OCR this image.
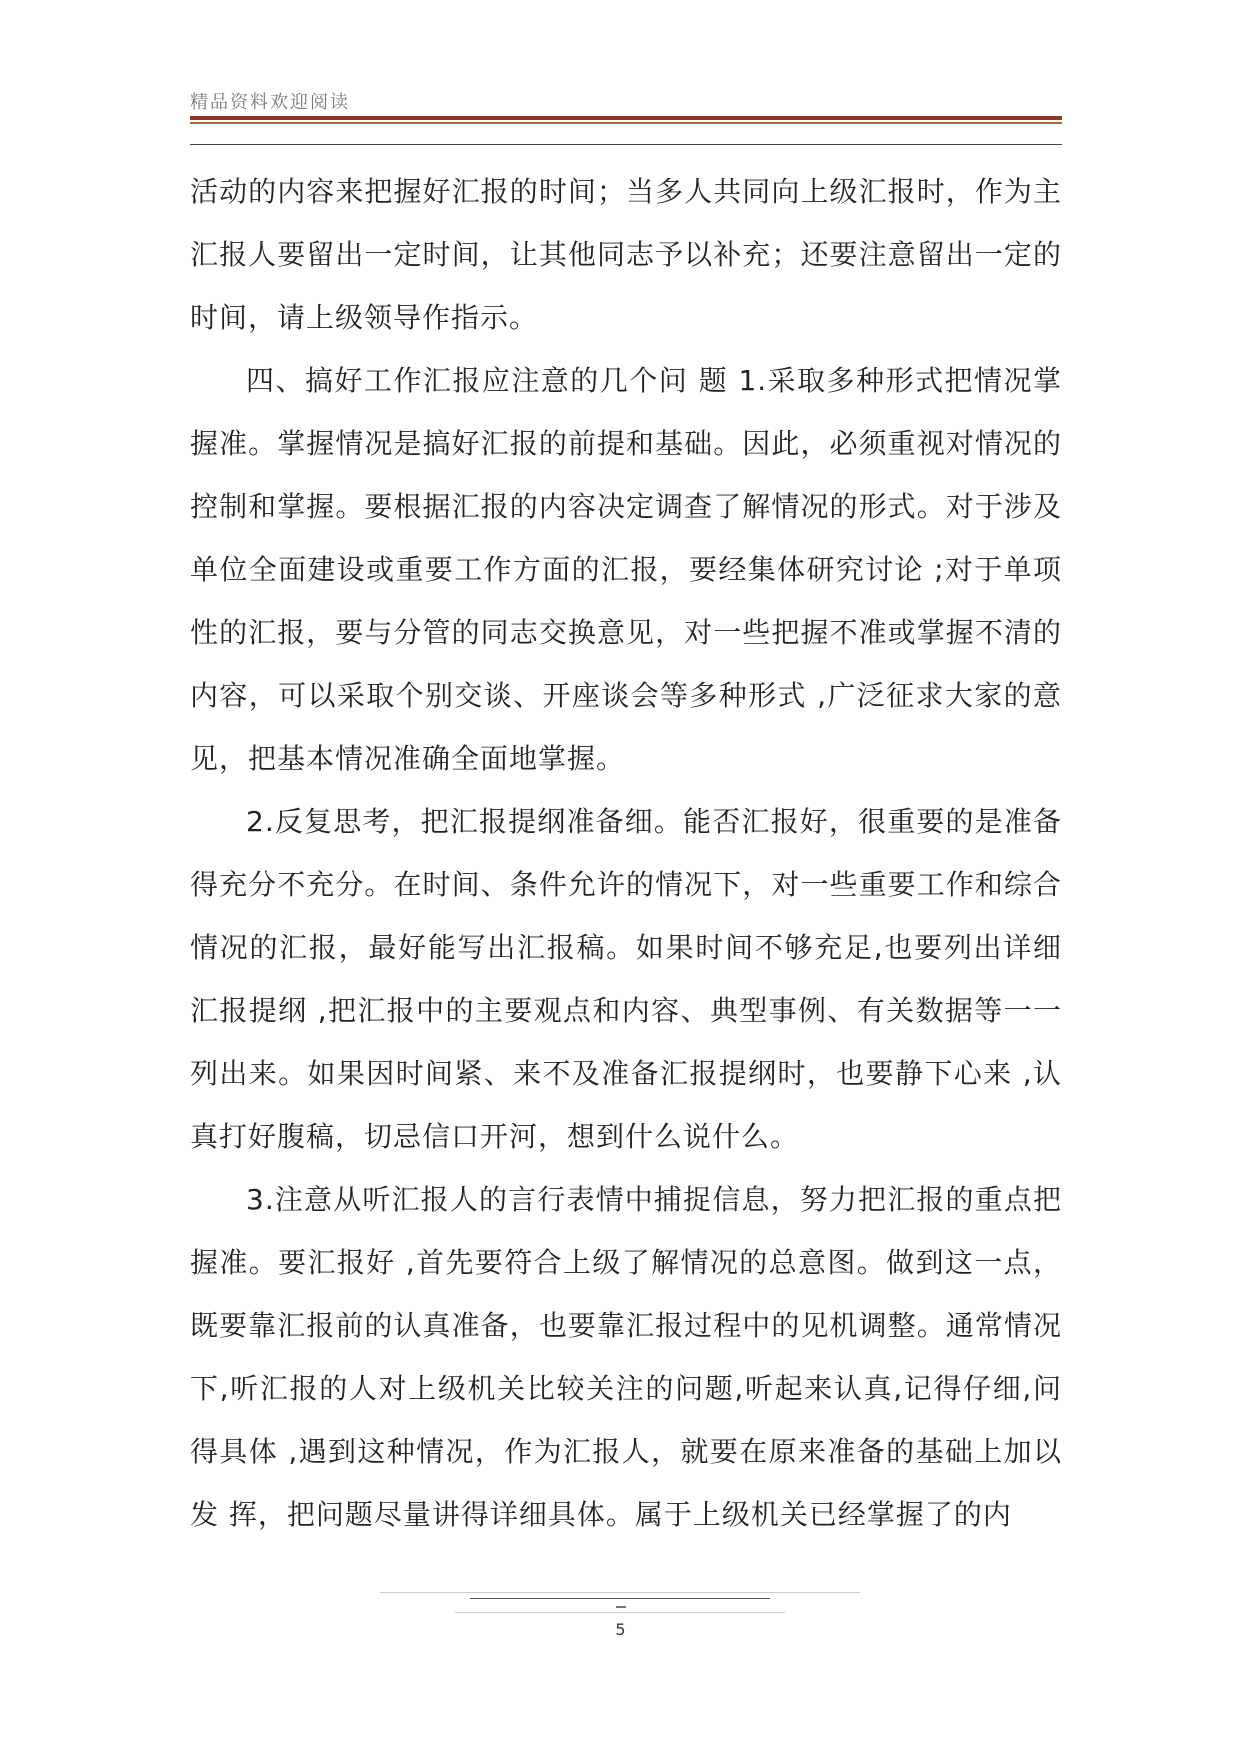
精品资料欢迎阅读

活动的内容来把握好汇报的时间；当多人共同向上级汇报时，作为主汇报人要留出一定时间，让其他同志予以补充；还要注意留出一定的时间，请上级领导作指示。

四、搞好工作汇报应注意的几个问 题 1.采取多种形式把情况掌握准。掌握情况是搞好汇报的前提和基础。因此，必须重视对情况的控制和掌握。要根据汇报的内容决定调查了解情况的形式。对于涉及单位全面建设或重要工作方面的汇报，要经集体研究讨论 ;对于单项性的汇报，要与分管的同志交换意见，对一些把握不准或掌握不清的内容，可以采取个别交谈、开座谈会等多种形式 ,广泛征求大家的意见，把基本情况准确全面地掌握。

2.反复思考，把汇报提纲准备细。能否汇报好，很重要的是准备得充分不充分。在时间、条件允许的情况下，对一些重要工作和综合情况的汇报，最好能写出汇报稿。如果时间不够充足,也要列出详细汇报提纲 ,把汇报中的主要观点和内容、典型事例、有关数据等一一列出来。如果因时间紧、来不及准备汇报提纲时，也要静下心来 ,认真打好腹稿，切忌信口开河，想到什么说什么。

3.注意从听汇报人的言行表情中捕捉信息，努力把汇报的重点把握准。要汇报好 ,首先要符合上级了解情况的总意图。做到这一点，既要靠汇报前的认真准备，也要靠汇报过程中的见机调整。通常情况下,听汇报的人对上级机关比较关注的问题,听起来认真,记得仔细,问得具体 ,遇到这种情况，作为汇报人，就要在原来准备的基础上加以发 挥，把问题尽量讲得详细具体。属于上级机关已经掌握了的内

5
